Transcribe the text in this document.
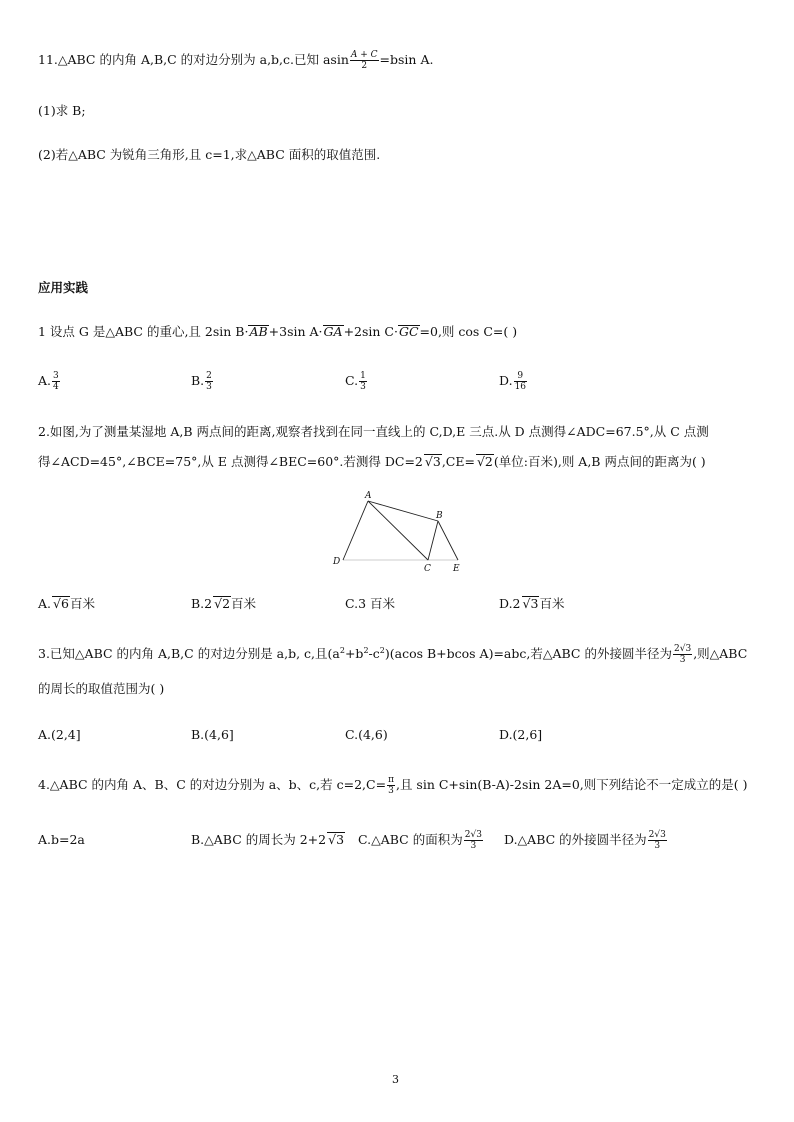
11.△ABC 的内角 A,B,C 的对边分别为 a,b,c.已知 asin $\frac{A + C}{2} =bsin$ A.
(1)求 B;
(2)若△ABC 为锐角三角形,且 c=1,求△ABC 面积的取值范围.
应用实践
1 设点 G 是△ABC 的重心,且 2sin B·AB+3sin A·GA+2sin C·GC=0,则 cos C=( )
A. $\frac{3}{4}$	B. $\frac{2}{3}$	C. $\frac{1}{3}$	D. $\frac{9}{16}$
2.如图,为了测量某湿地 A,B 两点间的距离,观察者找到在同一直线上的 C,D,E 三点.从 D 点测得∠ADC=67.5°,从 C 点测
得∠ACD=45°,∠BCE=75°,从 E 点测得∠BEC=60°.若测得 DC=2 √3,CE= √2(单位:百米),则 A,B 两点间的距离为( )
A
B
C
D
E
A. √6百米	B.2 √2百米	C.3 百米	D.2 √3百米
3.已知△ABC 的内角 A,B,C 的对边分别是 a,b, c,且$(a^2+b^2-c^2)(acos$ B+bcos A)=abc,若△ABC 的外接圆半径为 $\frac{2√3}{3}$ ,则△ABC
的周长的取值范围为( )
A.(2,4]	B.(4,6]	C.(4,6)	D.(2,6]
4.△ABC 的内角 A、B、C 的对边分别为 a、b、c,若 $c=2,C= \frac{\pi}{3}$ ,且 sin C+sin(B-A)-2sin 2A=0,则下列结论不一定成立的是( )
A.b=2a	B.△ABC 的周长为 2+2 √3 C.△ABC 的面积为 $\frac{2√3}{3}$ D.△ABC 的外接圆半径为 $\frac{2√3}{3}$
3
